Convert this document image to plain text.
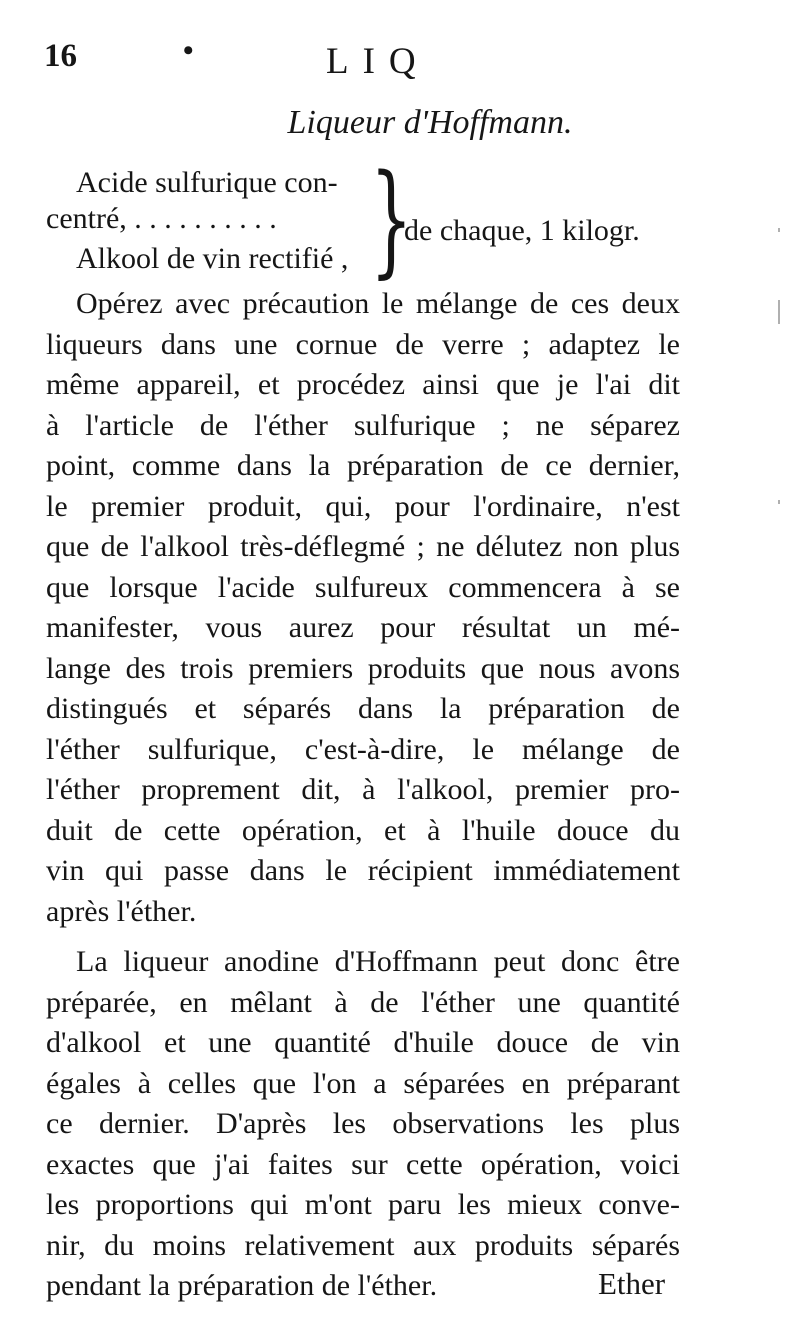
16	•	LIQ
Liqueur d'Hoffmann.
Acide sulfurique con-
centré, . . . . . . . . . .
Alkool de vin rectifié , }
de chaque, 1 kilogr.

Opérez avec précaution le mélange de ces deux
liqueurs dans une cornue de verre ; adaptez le
même appareil, et procédez ainsi que je l'ai dit
à l'article de l'éther sulfurique ; ne séparez
point, comme dans la préparation de ce dernier,
le premier produit, qui, pour l'ordinaire, n'est
que de l'alkool très-déflegmé ; ne délutez non plus
que lorsque l'acide sulfureux commencera à se
manifester, vous aurez pour résultat un mé-
lange des trois premiers produits que nous avons
distingués et séparés dans la préparation de
l'éther sulfurique, c'est-à-dire, le mélange de
l'éther proprement dit, à l'alkool, premier pro-
duit de cette opération, et à l'huile douce du
vin qui passe dans le récipient immédiatement
après l'éther.

La liqueur anodine d'Hoffmann peut donc être
préparée, en mêlant à de l'éther une quantité
d'alkool et une quantité d'huile douce de vin
égales à celles que l'on a séparées en préparant
ce dernier. D'après les observations les plus
exactes que j'ai faites sur cette opération, voici
les proportions qui m'ont paru les mieux conve-
nir, du moins relativement aux produits séparés
pendant la préparation de l'éther.	Ether
